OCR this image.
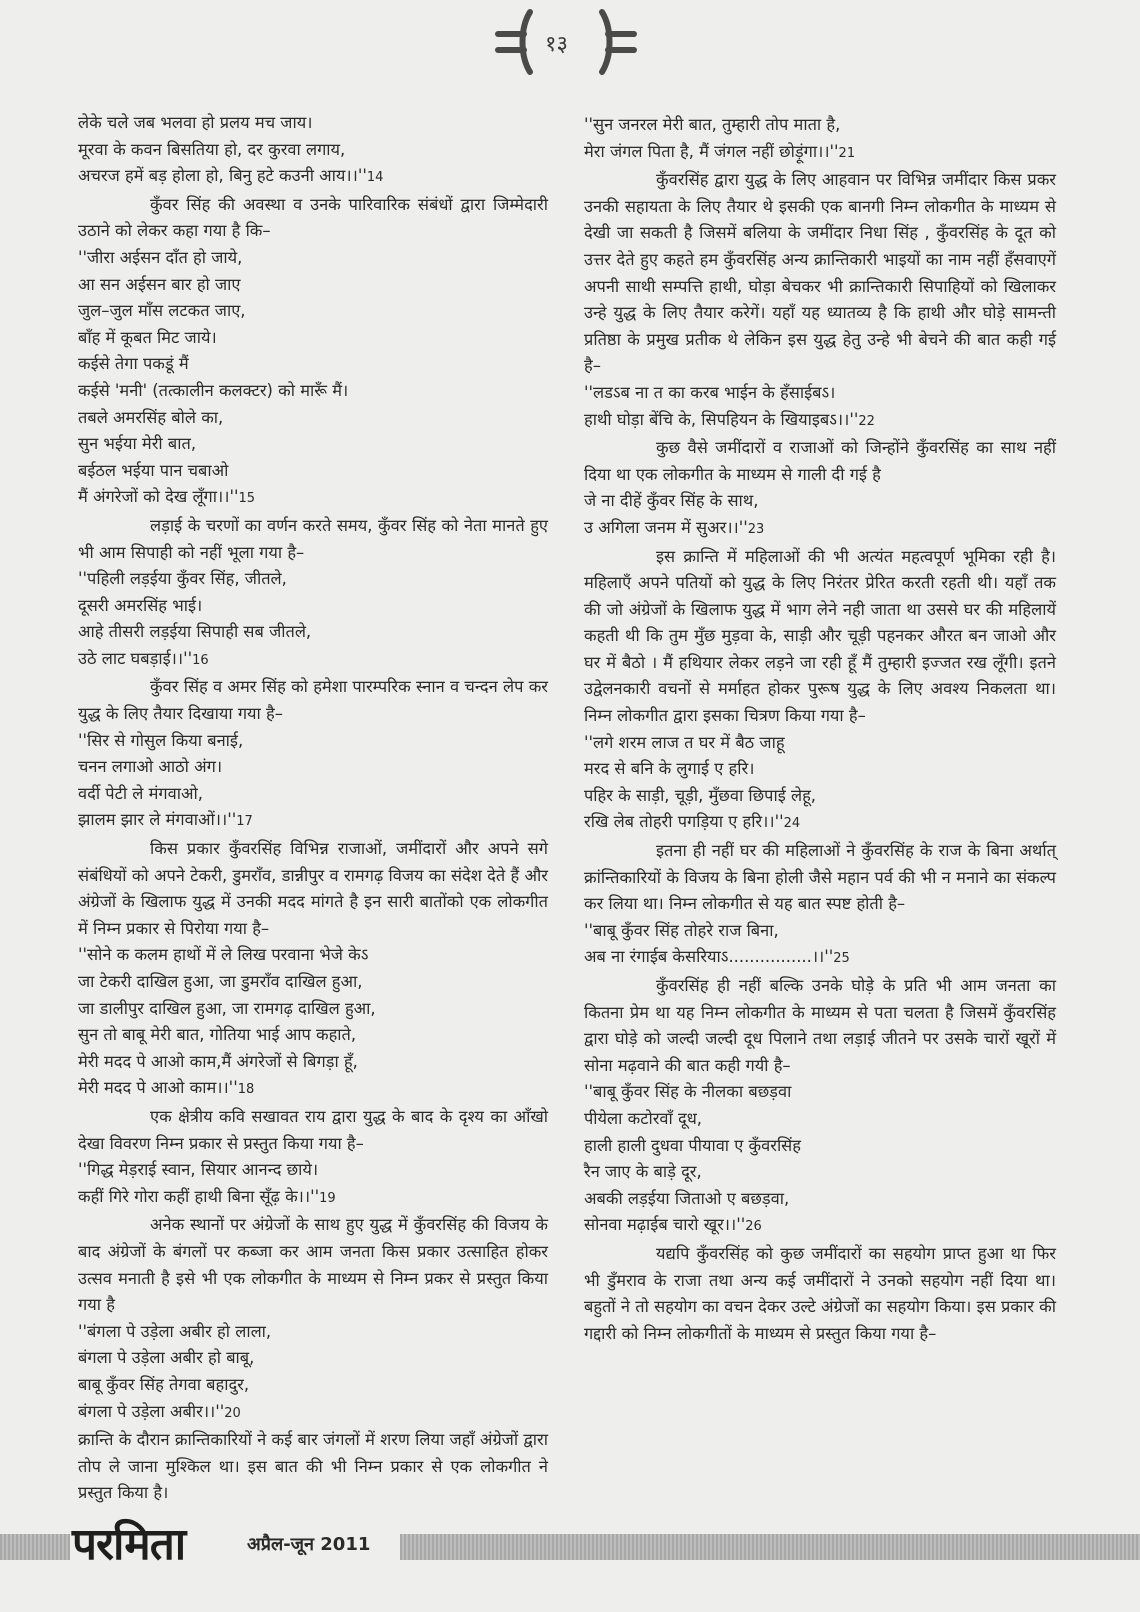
१३
लेके चले जब भलवा हो प्रलय मच जाय।
मूरवा के कवन बिसतिया हो, दर कुरवा लगाय,
अचरज हमें बड़ होला हो, बिनु हटे कउनी आय।।''14

कुँवर सिंह की अवस्था व उनके पारिवारिक संबंधों द्वारा जिम्मेदारी उठाने को लेकर कहा गया है कि–

''जीरा अईसन दाँत हो जाये,
आ सन अईसन बार हो जाए
जुल–जुल माँस लटकत जाए,
बाँह में कूबत मिट जाये।
कईसे तेगा पकडूं मैं
कईसे 'मनी' (तत्कालीन कलक्टर) को मारूँ मैं।
तबले अमरसिंह बोले का,
सुन भईया मेरी बात,
बईठल भईया पान चबाओ
मैं अंगरेजों को देख लूँगा।।''15

लड़ाई के चरणों का वर्णन करते समय, कुँवर सिंह को नेता मानते हुए भी आम सिपाही को नहीं भूला गया है–

''पहिली लड़ईया कुँवर सिंह, जीतले,
दूसरी अमरसिंह भाई।
आहे तीसरी लड़ईया सिपाही सब जीतले,
उठे लाट घबड़ाई।।''16

कुँवर सिंह व अमर सिंह को हमेशा पारम्परिक स्नान व चन्दन लेप कर युद्ध के लिए तैयार दिखाया गया है–

''सिर से गोसुल किया बनाई,
चनन लगाओ आठो अंग।
वर्दी पेटी ले मंगवाओ,
झालम झार ले मंगवाओं।।''17

किस प्रकार कुँवरसिंह विभिन्न राजाओं, जमींदारों और अपने सगे संबंधियों को अपने टेकरी, डुमराँव, डान्नीपुर व रामगढ़ विजय का संदेश देते हैं और अंग्रेजों के खिलाफ युद्ध में उनकी मदद मांगते है इन सारी बातोंको एक लोकगीत में निम्न प्रकार से पिरोया गया है–

''सोने क कलम हाथों में ले लिख परवाना भेजे केऽ
जा टेकरी दाखिल हुआ, जा डुमराँव दाखिल हुआ,
जा डालीपुर दाखिल हुआ, जा रामगढ़ दाखिल हुआ,
सुन तो बाबू मेरी बात, गोतिया भाई आप कहाते,
मेरी मदद पे आओ काम,मैं अंगरेजों से बिगड़ा हूँ,
मेरी मदद पे आओ काम।।''18

एक क्षेत्रीय कवि सखावत राय द्वारा युद्ध के बाद के दृश्य का आँखो देखा विवरण निम्न प्रकार से प्रस्तुत किया गया है–

''गिद्ध मेड़राई स्वान, सियार आनन्द छाये।
कहीं गिरे गोरा कहीं हाथी बिना सूँढ़ के।।''19

अनेक स्थानों पर अंग्रेजों के साथ हुए युद्ध में कुँवरसिंह की विजय के बाद अंग्रेजों के बंगलों पर कब्जा कर आम जनता किस प्रकार उत्साहित होकर उत्सव मनाती है इसे भी एक लोकगीत के माध्यम से निम्न प्रकर से प्रस्तुत किया गया है

''बंगला पे उड़ेला अबीर हो लाला,
बंगला पे उड़ेला अबीर हो बाबू,
बाबू कुँवर सिंह तेगवा बहादुर,
बंगला पे उड़ेला अबीर।।''20

क्रान्ति के दौरान क्रान्तिकारियों ने कई बार जंगलों में शरण लिया जहाँ अंग्रेजों द्वारा तोप ले जाना मुश्किल था। इस बात की भी निम्न प्रकार से एक लोकगीत ने प्रस्तुत किया है।

''सुन जनरल मेरी बात, तुम्हारी तोप माता है,
मेरा जंगल पिता है, मैं जंगल नहीं छोड़ूंगा।।''21

कुँवरसिंह द्वारा युद्ध के लिए आहवान पर विभिन्न जमींदार किस प्रकर उनकी सहायता के लिए तैयार थे इसकी एक बानगी निम्न लोकगीत के माध्यम से देखी जा सकती है जिसमें बलिया के जमींदार निधा सिंह , कुँवरसिंह के दूत को उत्तर देते हुए कहते हम कुँवरसिंह अन्य क्रान्तिकारी भाइयों का नाम नहीं हँसवाएगें अपनी साथी सम्पत्ति हाथी, घोड़ा बेचकर भी क्रान्तिकारी सिपाहियों को खिलाकर उन्हे युद्ध के लिए तैयार करेगें। यहाँ यह ध्यातव्य है कि हाथी और घोड़े सामन्ती प्रतिष्ठा के प्रमुख प्रतीक थे लेकिन इस युद्ध हेतु उन्हे भी बेचने की बात कही गई है–

''लडऽब ना त का करब भाईन के हँसाईबऽ।
हाथी घोड़ा बेंचि के, सिपहियन के खियाइबऽ।।''22

कुछ वैसे जमींदारों व राजाओं को जिन्होंने कुँवरसिंह का साथ नहीं दिया था एक लोकगीत के माध्यम से गाली दी गई है

जे ना दीहें कुँवर सिंह के साथ,
उ अगिला जनम में सुअर।।''23

इस क्रान्ति में महिलाओं की भी अत्यंत महत्वपूर्ण भूमिका रही है। महिलाएँ अपने पतियों को युद्ध के लिए निरंतर प्रेरित करती रहती थी। यहाँ तक की जो अंग्रेजों के खिलाफ युद्ध में भाग लेने नही जाता था उससे घर की महिलायें कहती थी कि तुम मुँछ मुड़वा के, साड़ी और चूड़ी पहनकर औरत बन जाओ और घर में बैठो । मैं हथियार लेकर लड़ने जा रही हूँ मैं तुम्हारी इज्जत रख लूँगी। इतने उद्वेलनकारी वचनों से मर्माहत होकर पुरूष युद्ध के लिए अवश्य निकलता था। निम्न लोकगीत द्वारा इसका चित्रण किया गया है–

''लगे शरम लाज त घर में बैठ जाहू
मरद से बनि के लुगाई ए हरि।
पहिर के साड़ी, चूड़ी, मुँछवा छिपाई लेहू,
रखि लेब तोहरी पगड़िया ए हरि।।''24

इतना ही नहीं घर की महिलाओं ने कुँवरसिंह के राज के बिना अर्थात् क्रांन्तिकारियों के विजय के बिना होली जैसे महान पर्व की भी न मनाने का संकल्प कर लिया था। निम्न लोकगीत से यह बात स्पष्ट होती है–

''बाबू कुँवर सिंह तोहरे राज बिना,
अब ना रंगाईब केसरियाऽ................।।''25

कुँवरसिंह ही नहीं बल्कि उनके घोड़े के प्रति भी आम जनता का कितना प्रेम था यह निम्न लोकगीत के माध्यम से पता चलता है जिसमें कुँवरसिंह द्वारा घोड़े को जल्दी जल्दी दूध पिलाने तथा लड़ाई जीतने पर उसके चारों खूरों में सोना मढ़वाने की बात कही गयी है–

''बाबू कुँवर सिंह के नीलका बछड़वा
पीयेला कटोरवाँ दूध,
हाली हाली दुधवा पीयावा ए कुँवरसिंह
रैन जाए के बाड़े दूर,
अबकी लड़ईया जिताओ ए बछड़वा,
सोनवा मढ़ाईब चारो खूर।।''26

यद्यपि कुँवरसिंह को कुछ जमींदारों का सहयोग प्राप्त हुआ था फिर भी डुँमराव के राजा तथा अन्य कई जमींदारों ने उनको सहयोग नहीं दिया था। बहुतों ने तो सहयोग का वचन देकर उल्टे अंग्रेजों का सहयोग किया। इस प्रकार की गद्दारी को निम्न लोकगीतों के माध्यम से प्रस्तुत किया गया है–

परमिता	अप्रैल-जून 2011
